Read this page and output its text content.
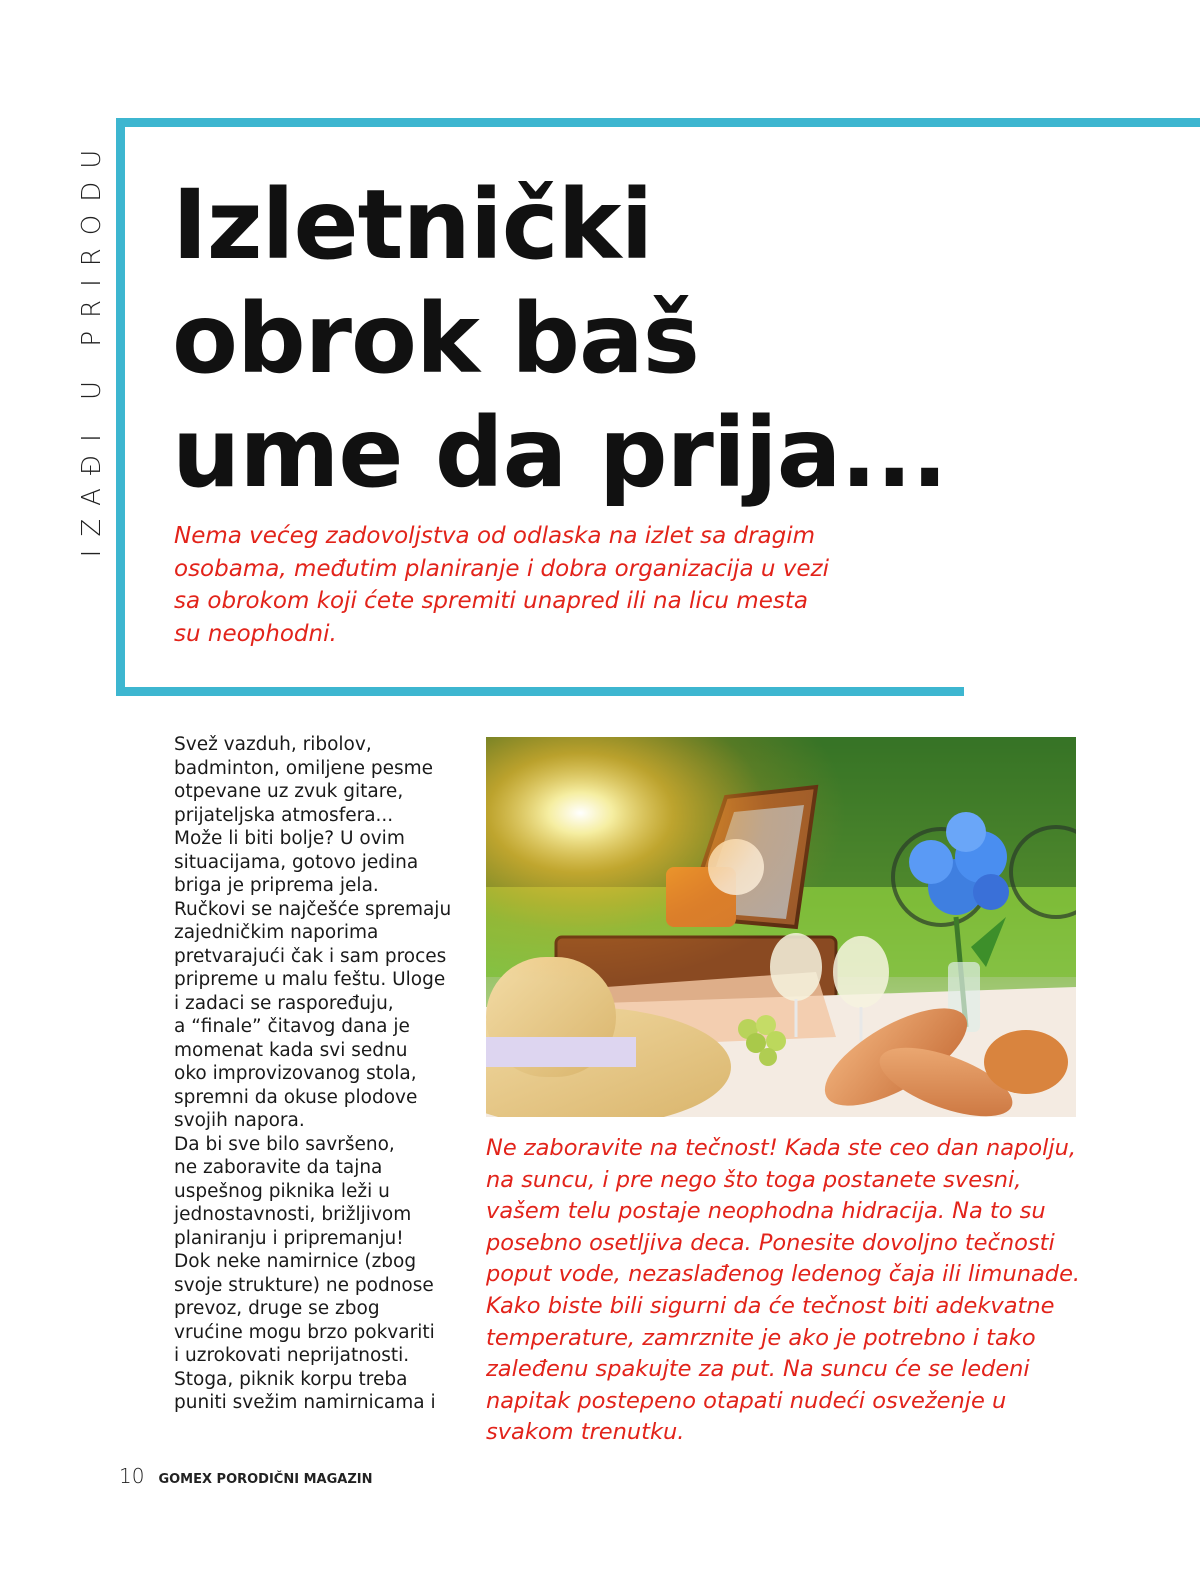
IZAĐI U PRIRODU Izletnički
obrok baš
ume da prija...

Nema većeg zadovoljstva od odlaska na izlet sa dragim osobama, međutim planiranje i dobra organizacija u vezi sa obrokom koji ćete spremiti unapred ili na licu mesta su neophodni.

Svež vazduh, ribolov,
badminton, omiljene pesme
otpevane uz zvuk gitare,
prijateljska atmosfera...
Može li biti bolje? U ovim
situacijama, gotovo jedina
briga je priprema jela.
Ručkovi se najčešće spremaju
zajedničkim naporima
pretvarajući čak i sam proces
pripreme u malu feštu. Uloge
i zadaci se raspoređuju,
a “finale” čitavog dana je
momenat kada svi sednu
oko improvizovanog stola,
spremni da okuse plodove
svojih napora.
Da bi sve bilo savršeno,
ne zaboravite da tajna
uspešnog piknika leži u
jednostavnosti, brižljivom
planiranju i pripremanju!
Dok neke namirnice (zbog
svoje strukture) ne podnose
prevoz, druge se zbog
vrućine mogu brzo pokvariti
i uzrokovati neprijatnosti.
Stoga, piknik korpu treba
puniti svežim namirnicama i

Ne zaboravite na tečnost! Kada ste ceo dan napolju, na suncu, i pre nego što toga postanete svesni, vašem telu postaje neophodna hidracija. Na to su posebno osetljiva deca. Ponesite dovoljno tečnosti poput vode, nezaslađenog ledenog čaja ili limunade. Kako biste bili sigurni da će tečnost biti adekvatne temperature, zamrznite je ako je potrebno i tako zaleđenu spakujte za put. Na suncu će se ledeni napitak postepeno otapati nudeći osveženje u svakom trenutku.

10 GOMEX PORODIČNI MAGAZIN
